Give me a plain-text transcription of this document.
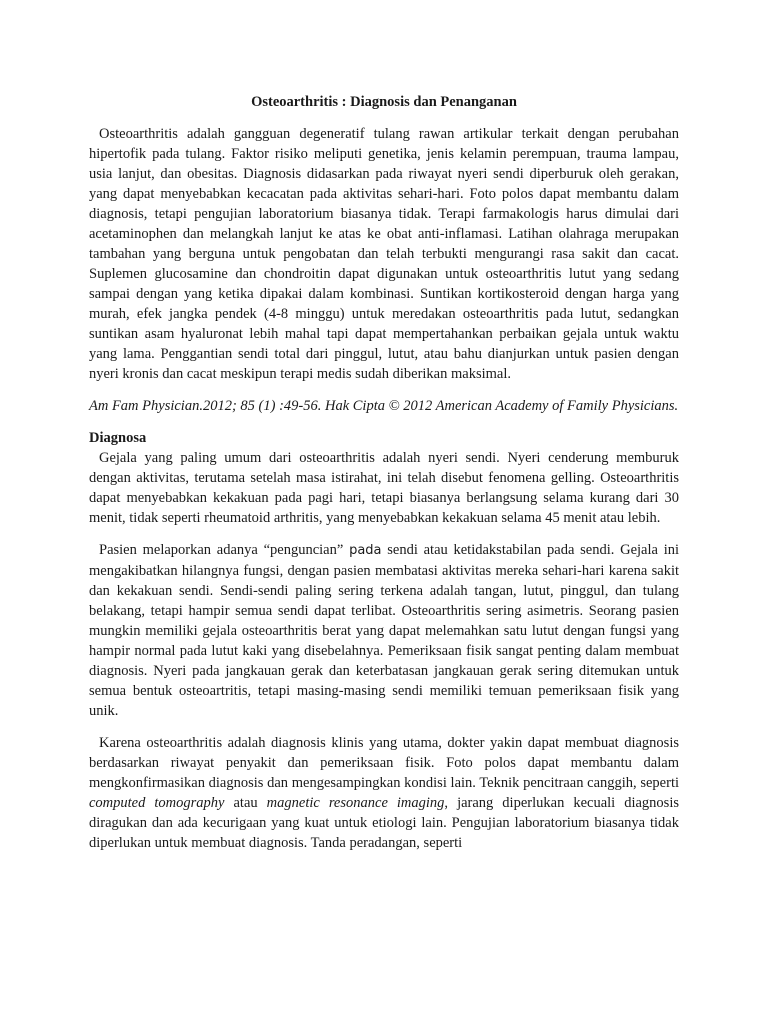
Osteoarthritis : Diagnosis dan Penanganan

Osteoarthritis adalah gangguan degeneratif tulang rawan artikular terkait dengan perubahan hipertofik pada tulang. Faktor risiko meliputi genetika, jenis kelamin perempuan, trauma lampau, usia lanjut, dan obesitas. Diagnosis didasarkan pada riwayat nyeri sendi diperburuk oleh gerakan, yang dapat menyebabkan kecacatan pada aktivitas sehari-hari. Foto polos dapat membantu dalam diagnosis, tetapi pengujian laboratorium biasanya tidak. Terapi farmakologis harus dimulai dari acetaminophen dan melangkah lanjut ke atas ke obat anti-inflamasi. Latihan olahraga merupakan tambahan yang berguna untuk pengobatan dan telah terbukti mengurangi rasa sakit dan cacat. Suplemen glucosamine dan chondroitin dapat digunakan untuk osteoarthritis lutut yang sedang sampai dengan yang ketika dipakai dalam kombinasi. Suntikan kortikosteroid dengan harga yang murah, efek jangka pendek (4-8 minggu) untuk meredakan osteoarthritis pada lutut, sedangkan suntikan asam hyaluronat lebih mahal tapi dapat mempertahankan perbaikan gejala untuk waktu yang lama. Penggantian sendi total dari pinggul, lutut, atau bahu dianjurkan untuk pasien dengan nyeri kronis dan cacat meskipun terapi medis sudah diberikan maksimal.

Am Fam Physician.2012; 85 (1) :49-56. Hak Cipta © 2012 American Academy of Family Physicians.

Diagnosa

Gejala yang paling umum dari osteoarthritis adalah nyeri sendi. Nyeri cenderung memburuk dengan aktivitas, terutama setelah masa istirahat, ini telah disebut fenomena gelling. Osteoarthritis dapat menyebabkan kekakuan pada pagi hari, tetapi biasanya berlangsung selama kurang dari 30 menit, tidak seperti rheumatoid arthritis, yang menyebabkan kekakuan selama 45 menit atau lebih.

Pasien melaporkan adanya “penguncian” pada sendi atau ketidakstabilan pada sendi. Gejala ini mengakibatkan hilangnya fungsi, dengan pasien membatasi aktivitas mereka sehari-hari karena sakit dan kekakuan sendi. Sendi-sendi paling sering terkena adalah tangan, lutut, pinggul, dan tulang belakang, tetapi hampir semua sendi dapat terlibat. Osteoarthritis sering asimetris. Seorang pasien mungkin memiliki gejala osteoarthritis berat yang dapat melemahkan satu lutut dengan fungsi yang hampir normal pada lutut kaki yang disebelahnya. Pemeriksaan fisik sangat penting dalam membuat diagnosis. Nyeri pada jangkauan gerak dan keterbatasan jangkauan gerak sering ditemukan untuk semua bentuk osteoartritis, tetapi masing-masing sendi memiliki temuan pemeriksaan fisik yang unik.

Karena osteoarthritis adalah diagnosis klinis yang utama, dokter yakin dapat membuat diagnosis berdasarkan riwayat penyakit dan pemeriksaan fisik. Foto polos dapat membantu dalam mengkonfirmasikan diagnosis dan mengesampingkan kondisi lain. Teknik pencitraan canggih, seperti computed tomography atau magnetic resonance imaging, jarang diperlukan kecuali diagnosis diragukan dan ada kecurigaan yang kuat untuk etiologi lain. Pengujian laboratorium biasanya tidak diperlukan untuk membuat diagnosis. Tanda peradangan, seperti
